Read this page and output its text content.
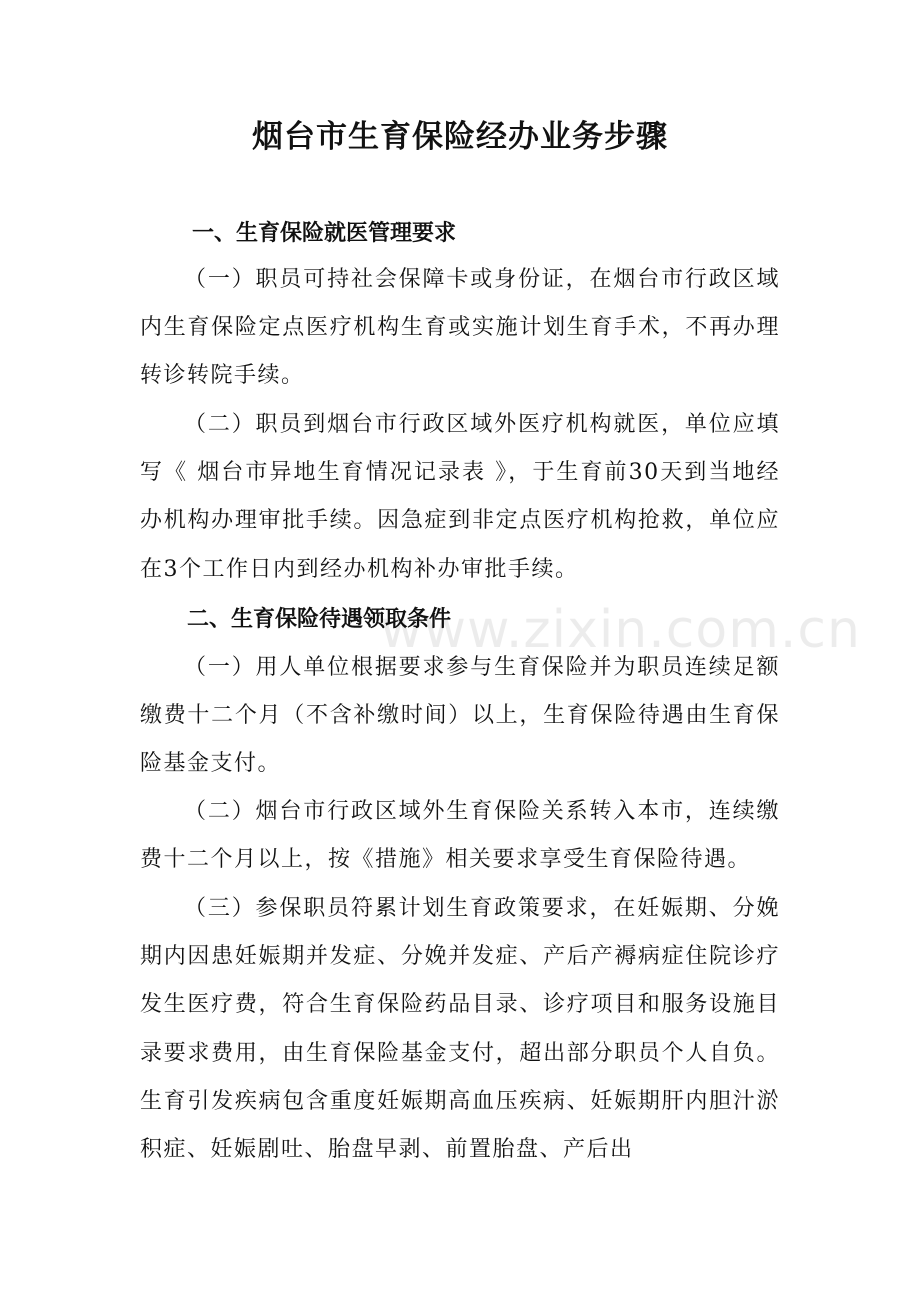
烟台市生育保险经办业务步骤
一、生育保险就医管理要求

（一）职员可持社会保障卡或身份证，在烟台市行政区域内生育保险定点医疗机构生育或实施计划生育手术，不再办理转诊转院手续。

（二）职员到烟台市行政区域外医疗机构就医，单位应填写《 烟台市异地生育情况记录表 》，于生育前30天到当地经办机构办理审批手续。因急症到非定点医疗机构抢救，单位应在3个工作日内到经办机构补办审批手续。

二、生育保险待遇领取条件

（一）用人单位根据要求参与生育保险并为职员连续足额缴费十二个月（不含补缴时间）以上，生育保险待遇由生育保险基金支付。

（二）烟台市行政区域外生育保险关系转入本市，连续缴费十二个月以上，按《措施》相关要求享受生育保险待遇。

（三）参保职员符累计划生育政策要求，在妊娠期、分娩期内因患妊娠期并发症、分娩并发症、产后产褥病症住院诊疗发生医疗费，符合生育保险药品目录、诊疗项目和服务设施目录要求费用，由生育保险基金支付，超出部分职员个人自负。生育引发疾病包含重度妊娠期高血压疾病、妊娠期肝内胆汁淤积症、妊娠剧吐、胎盘早剥、前置胎盘、产后出

www.zixin.com.cn
